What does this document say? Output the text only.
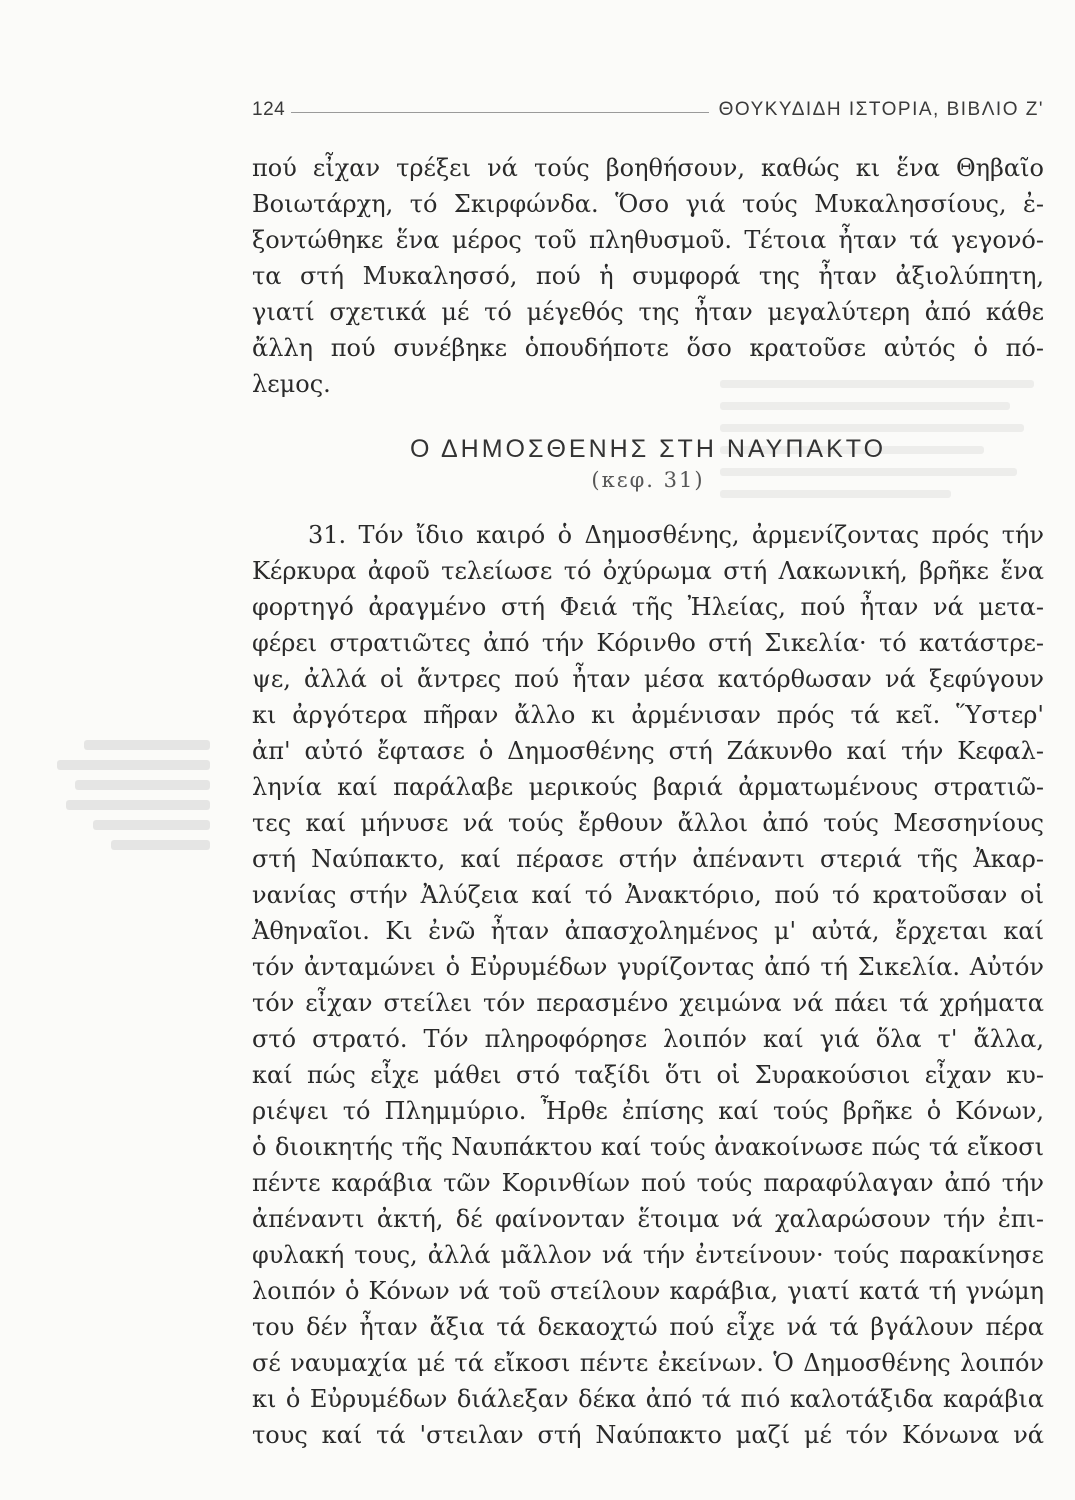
124	ΘΟΥΚΥΔΙΔΗ ΙΣΤΟΡΙΑ, ΒΙΒΛΙΟ Ζ'
πού εἶχαν τρέξει νά τούς βοηθήσουν, καθώς κι ἕνα Θηβαῖο
Βοιωτάρχη, τό Σκιρφώνδα. Ὅσο γιά τούς Μυκαλησσίους, ἐ-
ξοντώθηκε ἕνα μέρος τοῦ πληθυσμοῦ. Τέτοια ἦταν τά γεγονό-
τα στή Μυκαλησσό, πού ἡ συμφορά της ἦταν ἀξιολύπητη,
γιατί σχετικά μέ τό μέγεθός της ἦταν μεγαλύτερη ἀπό κάθε
ἄλλη πού συνέβηκε ὁπουδήποτε ὅσο κρατοῦσε αὐτός ὁ πό-
λεμος.
Ο ΔΗΜΟΣΘΕΝΗΣ ΣΤΗ ΝΑΥΠΑΚΤΟ
(κεφ. 31)
31. Τόν ἴδιο καιρό ὁ Δημοσθένης, ἀρμενίζοντας πρός τήν
Κέρκυρα ἀφοῦ τελείωσε τό ὀχύρωμα στή Λακωνική, βρῆκε ἕνα
φορτηγό ἀραγμένο στή Φειά τῆς Ἠλείας, πού ἦταν νά μετα-
φέρει στρατιῶτες ἀπό τήν Κόρινθο στή Σικελία· τό κατάστρε-
ψε, ἀλλά οἱ ἄντρες πού ἦταν μέσα κατόρθωσαν νά ξεφύγουν
κι ἀργότερα πῆραν ἄλλο κι ἀρμένισαν πρός τά κεῖ. Ὕστερ'
ἀπ' αὐτό ἔφτασε ὁ Δημοσθένης στή Ζάκυνθο καί τήν Κεφαλ-
ληνία καί παράλαβε μερικούς βαριά ἀρματωμένους στρατιῶ-
τες καί μήνυσε νά τούς ἔρθουν ἄλλοι ἀπό τούς Μεσσηνίους
στή Ναύπακτο, καί πέρασε στήν ἀπέναντι στεριά τῆς Ἀκαρ-
νανίας στήν Ἀλύζεια καί τό Ἀνακτόριο, πού τό κρατοῦσαν οἱ
Ἀθηναῖοι. Κι ἐνῶ ἦταν ἀπασχολημένος μ' αὐτά, ἔρχεται καί
τόν ἀνταμώνει ὁ Εὐρυμέδων γυρίζοντας ἀπό τή Σικελία. Αὐτόν
τόν εἶχαν στείλει τόν περασμένο χειμώνα νά πάει τά χρήματα
στό στρατό. Τόν πληροφόρησε λοιπόν καί γιά ὅλα τ' ἄλλα,
καί πώς εἶχε μάθει στό ταξίδι ὅτι οἱ Συρακούσιοι εἶχαν κυ-
ριέψει τό Πλημμύριο. Ἦρθε ἐπίσης καί τούς βρῆκε ὁ Κόνων,
ὁ διοικητής τῆς Ναυπάκτου καί τούς ἀνακοίνωσε πώς τά εἴκοσι
πέντε καράβια τῶν Κορινθίων πού τούς παραφύλαγαν ἀπό τήν
ἀπέναντι ἀκτή, δέ φαίνονταν ἕτοιμα νά χαλαρώσουν τήν ἐπι-
φυλακή τους, ἀλλά μᾶλλον νά τήν ἐντείνουν· τούς παρακίνησε
λοιπόν ὁ Κόνων νά τοῦ στείλουν καράβια, γιατί κατά τή γνώμη
του δέν ἦταν ἄξια τά δεκαοχτώ πού εἶχε νά τά βγάλουν πέρα
σέ ναυμαχία μέ τά εἴκοσι πέντε ἐκείνων. Ὁ Δημοσθένης λοιπόν
κι ὁ Εὐρυμέδων διάλεξαν δέκα ἀπό τά πιό καλοτάξιδα καράβια
τους καί τά 'στειλαν στή Ναύπακτο μαζί μέ τόν Κόνωνα νά
